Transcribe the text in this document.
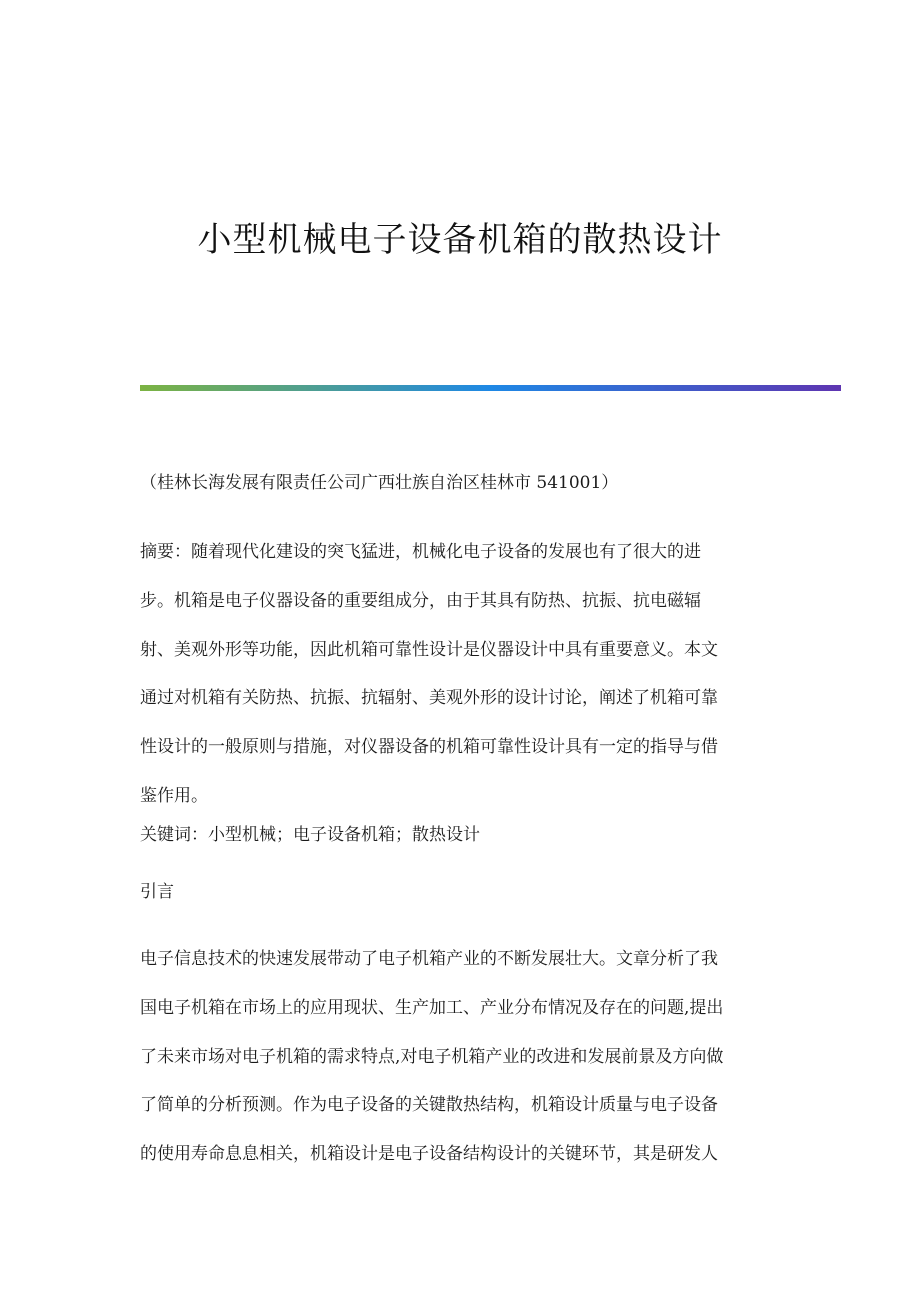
小型机械电子设备机箱的散热设计

（桂林长海发展有限责任公司广西壮族自治区桂林市 541001）

摘要：随着现代化建设的突飞猛进，机械化电子设备的发展也有了很大的进
步。机箱是电子仪器设备的重要组成分，由于其具有防热、抗振、抗电磁辐
射、美观外形等功能，因此机箱可靠性设计是仪器设计中具有重要意义。本文
通过对机箱有关防热、抗振、抗辐射、美观外形的设计讨论，阐述了机箱可靠
性设计的一般原则与措施，对仪器设备的机箱可靠性设计具有一定的指导与借
鉴作用。

关键词：小型机械；电子设备机箱；散热设计

引言

电子信息技术的快速发展带动了电子机箱产业的不断发展壮大。文章分析了我
国电子机箱在市场上的应用现状、生产加工、产业分布情况及存在的问题,提出
了未来市场对电子机箱的需求特点,对电子机箱产业的改进和发展前景及方向做
了简单的分析预测。作为电子设备的关键散热结构，机箱设计质量与电子设备
的使用寿命息息相关，机箱设计是电子设备结构设计的关键环节，其是研发人
